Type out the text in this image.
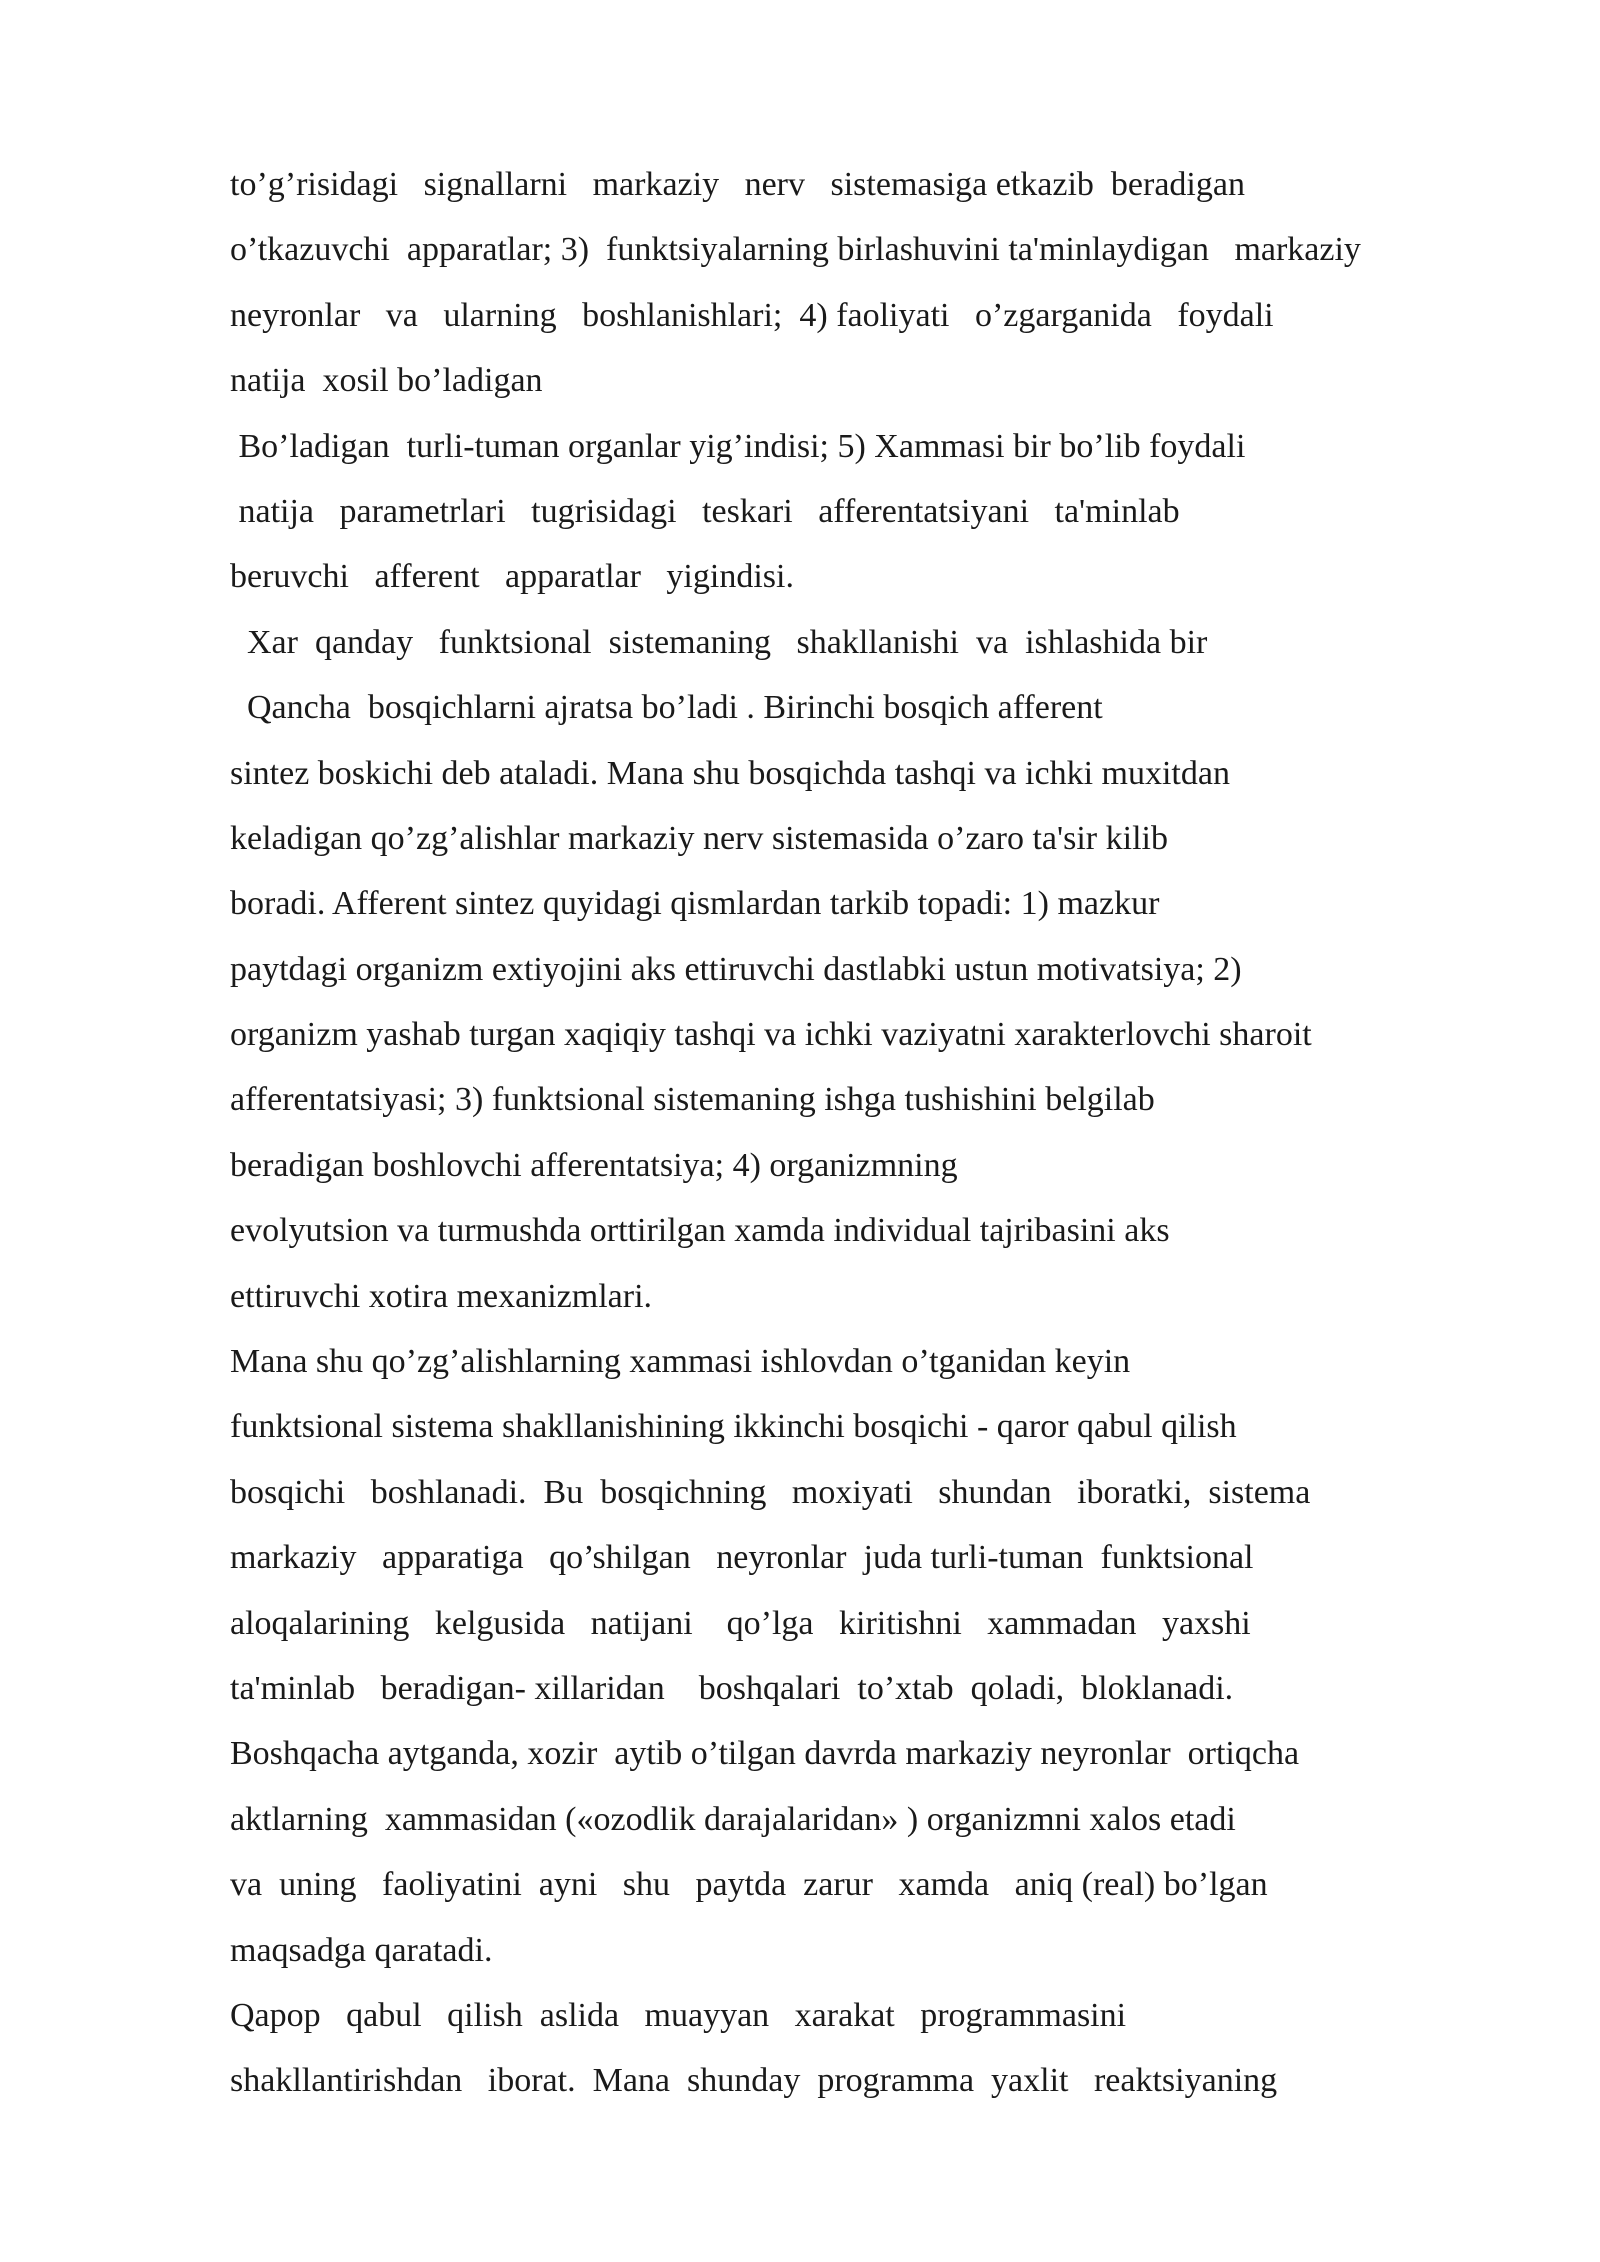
to’g’risidagi   signallarni   markaziy   nerv   sistemasiga etkazib  beradigan
o’tkazuvchi  apparatlar; 3)  funktsiyalarning birlashuvini ta'minlaydigan   markaziy
neyronlar   va   ularning   boshlanishlari;  4) faoliyati   o’zgarganida   foydali
natija  xosil bo’ladigan
Bo’ladigan  turli-tuman organlar yig’indisi; 5) Xammasi bir bo’lib foydali
natija   parametrlari   tugrisidagi   teskari   afferentatsiyani   ta'minlab
beruvchi   afferent   apparatlar   yigindisi.
Xar  qanday   funktsional  sistemaning   shakllanishi  va  ishlashida bir
Qancha  bosqichlarni ajratsa bo’ladi . Birinchi bosqich afferent
sintez boskichi deb ataladi. Mana shu bosqichda tashqi va ichki muxitdan
keladigan qo’zg’alishlar markaziy nerv sistemasida o’zaro ta'sir kilib
boradi. Afferent sintez quyidagi qismlardan tarkib topadi: 1) mazkur
paytdagi organizm extiyojini aks ettiruvchi dastlabki ustun motivatsiya; 2)
organizm yashab turgan xaqiqiy tashqi va ichki vaziyatni xarakterlovchi sharoit
afferentatsiyasi; 3) funktsional sistemaning ishga tushishini belgilab
beradigan boshlovchi afferentatsiya; 4) organizmning
evolyutsion va turmushda orttirilgan xamda individual tajribasini aks
ettiruvchi xotira mexanizmlari.
Mana shu qo’zg’alishlarning xammasi ishlovdan o’tganidan keyin
funktsional sistema shakllanishining ikkinchi bosqichi - qaror qabul qilish
bosqichi   boshlanadi.  Bu  bosqichning   moxiyati   shundan   iboratki,  sistema
markaziy   apparatiga   qo’shilgan   neyronlar  juda turli-tuman  funktsional
aloqalarining   kelgusida   natijani    qo’lga   kiritishni   xammadan   yaxshi
ta'minlab   beradigan- xillaridan    boshqalari  to’xtab  qoladi,  bloklanadi.
Boshqacha aytganda, xozir  aytib o’tilgan davrda markaziy neyronlar  ortiqcha
aktlarning  xammasidan («ozodlik darajalaridan» ) organizmni xalos etadi
va  uning   faoliyatini  ayni   shu   paytda  zarur   xamda   aniq (real) bo’lgan
maqsadga qaratadi.
Qapop   qabul   qilish  aslida   muayyan   xarakat   programmasini
shakllantirishdan   iborat.  Mana  shunday  programma  yaxlit   reaktsiyaning
